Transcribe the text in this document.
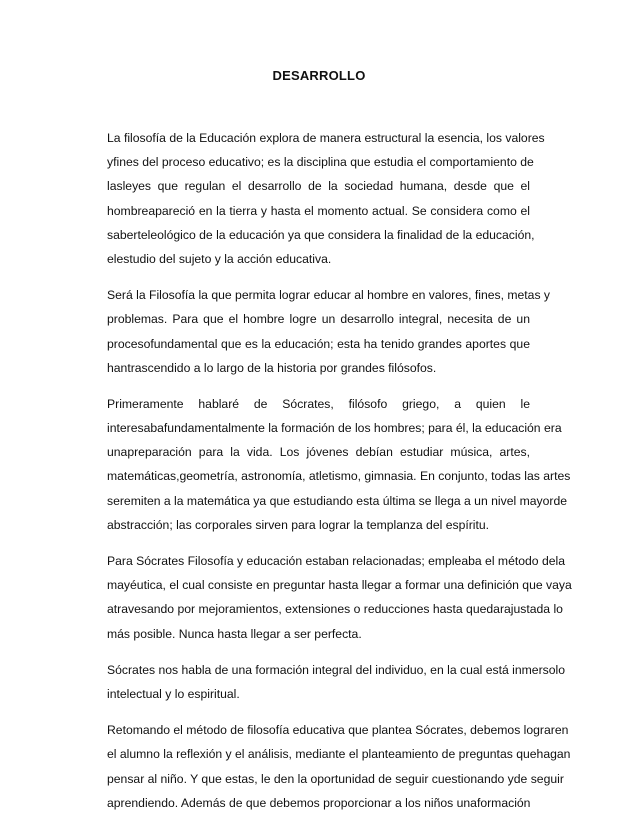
DESARROLLO
La filosofía de la Educación explora de manera estructural la esencia, los valores
yfines del proceso educativo; es la disciplina que estudia el comportamiento de
lasleyes que regulan el desarrollo de la sociedad humana, desde que el
hombreapareció en la tierra y hasta el momento actual. Se considera como el
saberteleológico de la educación ya que considera la finalidad de la educación,
elestudio del sujeto y la acción educativa.
Será la Filosofía la que permita lograr educar al hombre en valores, fines, metas y
problemas. Para que el hombre logre un desarrollo integral, necesita de un
procesofundamental que es la educación; esta ha tenido grandes aportes que
hantrascendido a lo largo de la historia por grandes filósofos.
Primeramente hablaré de Sócrates, filósofo griego, a quien le
interesabafundamentalmente la formación de los hombres; para él, la educación era
unapreparación para la vida. Los jóvenes debían estudiar música, artes,
matemáticas,geometría, astronomía, atletismo, gimnasia. En conjunto, todas las artes
seremiten a la matemática ya que estudiando esta última se llega a un nivel mayorde
abstracción; las corporales sirven para lograr la templanza del espíritu.
Para Sócrates Filosofía y educación estaban relacionadas; empleaba el método dela
mayéutica, el cual consiste en preguntar hasta llegar a formar una definición que vaya
atravesando por mejoramientos, extensiones o reducciones hasta quedarajustada lo
más posible. Nunca hasta llegar a ser perfecta.
Sócrates nos habla de una formación integral del individuo, en la cual está inmersolo
intelectual y lo espiritual.
Retomando el método de filosofía educativa que plantea Sócrates, debemos lograren
el alumno la reflexión y el análisis, mediante el planteamiento de preguntas quehagan
pensar al niño. Y que estas, le den la oportunidad de seguir cuestionando yde seguir
aprendiendo. Además de que debemos proporcionar a los niños unaformación
